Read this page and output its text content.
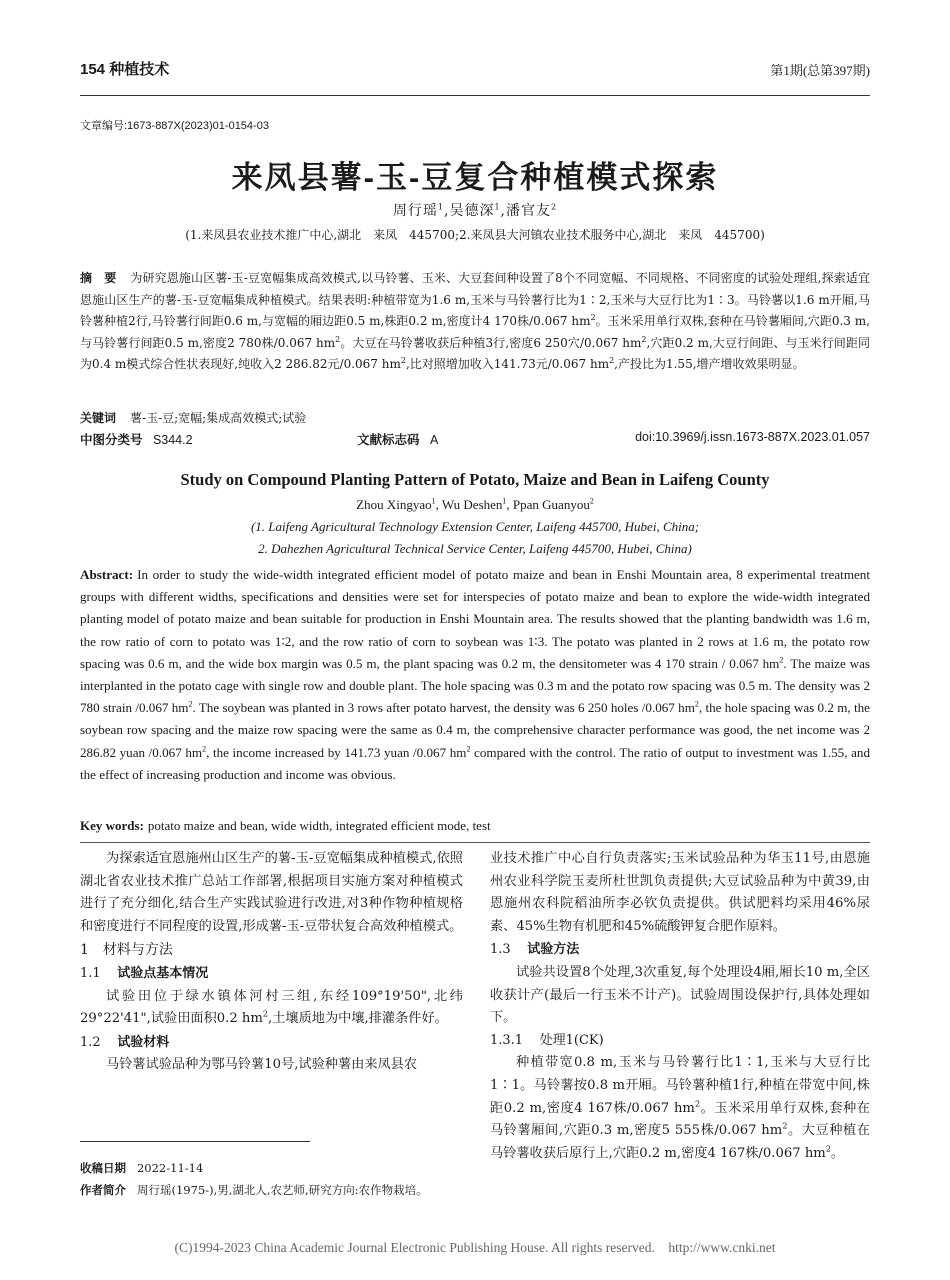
154 种植技术	第1期(总第397期)
文章编号:1673-887X(2023)01-0154-03
来凤县薯-玉-豆复合种植模式探索
周行瑶$^1$,吴德深$^1$,潘官友$^2$
(1.来凤县农业技术推广中心,湖北　来凤　445700;2.来凤县大河镇农业技术服务中心,湖北　来凤　445700)
摘　要 为研究恩施山区薯-玉-豆宽幅集成高效模式,以马铃薯、玉米、大豆套间种设置了8个不同宽幅、不同规格、不同密度的试验处理组,探索适宜恩施山区生产的薯-玉-豆宽幅集成种植模式。结果表明:种植带宽为1.6 m,玉米与马铃薯行比为1∶2,玉米与大豆行比为1∶3。马铃薯以1.6 m开厢,马铃薯种植2行,马铃薯行间距0.6 m,与宽幅的厢边距0.5 m,株距0.2 m,密度计4 170株/0.067 $hm^2$。玉米采用单行双株,套种在马铃薯厢间,穴距0.3 m,与马铃薯行间距0.5 m,密度2 780株/0.067 $hm^2$。大豆在马铃薯收获后种植3行,密度6 250穴/0.067 $hm^2$,穴距0.2 m,大豆行间距、与玉米行间距同为0.4 m模式综合性状表现好,纯收入2 286.82元/0.067 $hm^2$,比对照增加收入141.73元/0.067 $hm^2$,产投比为1.55,增产增收效果明显。
关键词 薯-玉-豆;宽幅;集成高效模式;试验
中图分类号 S344.2	文献标志码 A	doi:10.3969/j.issn.1673-887X.2023.01.057
Study on Compound Planting Pattern of Potato, Maize and Bean in Laifeng County
Zhou Xingyao$^1$, Wu Deshen$^1$, Ppan Guanyou$^2$
(1. Laifeng Agricultural Technology Extension Center, Laifeng 445700, Hubei, China;
2. Dahezhen Agricultural Technical Service Center, Laifeng 445700, Hubei, China)
Abstract: In order to study the wide-width integrated efficient model of potato maize and bean in Enshi Mountain area, 8 experimental treatment groups with different widths, specifications and densities were set for interspecies of potato maize and bean to explore the wide-width integrated planting model of potato maize and bean suitable for production in Enshi Mountain area. The results showed that the planting bandwidth was 1.6 m, the row ratio of corn to potato was 1∶2, and the row ratio of corn to soybean was 1∶3. The potato was planted in 2 rows at 1.6 m, the potato row spacing was 0.6 m, and the wide box margin was 0.5 m, the plant spacing was 0.2 m, the densitometer was 4 170 strain / 0.067 $hm^2$. The maize was interplanted in the potato cage with single row and double plant. The hole spacing was 0.3 m and the potato row spacing was 0.5 m. The density was 2 780 strain /0.067 $hm^2$. The soybean was planted in 3 rows after potato harvest, the density was 6 250 holes /0.067 $hm^2$, the hole spacing was 0.2 m, the soybean row spacing and the maize row spacing were the same as 0.4 m, the comprehensive character performance was good, the net income was 2 286.82 yuan /0.067 $hm^2$, the income increased by 141.73 yuan /0.067 $hm^2$ compared with the control. The ratio of output to investment was 1.55, and the effect of increasing production and income was obvious.
Key words: potato maize and bean, wide width, integrated efficient mode, test

为探索适宜恩施州山区生产的薯-玉-豆宽幅集成种植模式,依照湖北省农业技术推广总站工作部署,根据项目实施方案对种植模式进行了充分细化,结合生产实践试验进行改进,对3种作物种植规格和密度进行不同程度的设置,形成薯-玉-豆带状复合高效种植模式。

1　材料与方法

1.1 试验点基本情况

试验田位于绿水镇体河村三组,东经109°19'50",北纬29°22'41",试验田面积0.2 $hm^2$,土壤质地为中壤,排灌条件好。

1.2 试验材料

马铃薯试验品种为鄂马铃薯10号,试验种薯由来凤县农

收稿日期 2022-11-14
作者简介 周行瑶(1975-),男,湖北人,农艺师,研究方向:农作物栽培。

业技术推广中心自行负责落实;玉米试验品种为华玉11号,由恩施州农业科学院玉麦所杜世凯负责提供;大豆试验品种为中黄39,由恩施州农科院稻油所李必钦负责提供。供试肥料均采用46%尿素、45%生物有机肥和45%硫酸钾复合肥作原料。

1.3 试验方法

试验共设置8个处理,3次重复,每个处理设4厢,厢长10 m,全区收获计产(最后一行玉米不计产)。试验周围设保护行,具体处理如下。

1.3.1 处理1(CK)

种植带宽0.8 m,玉米与马铃薯行比1∶1,玉米与大豆行比1∶1。马铃薯按0.8 m开厢。马铃薯种植1行,种植在带宽中间,株距0.2 m,密度4 167株/0.067 $hm^2$。玉米采用单行双株,套种在马铃薯厢间,穴距0.3 m,密度5 555株/0.067 $hm^2$。大豆种植在马铃薯收获后原行上,穴距0.2 m,密度4 167株/0.067 $hm^2$。

(C)1994-2023 China Academic Journal Electronic Publishing House. All rights reserved.　http://www.cnki.net
